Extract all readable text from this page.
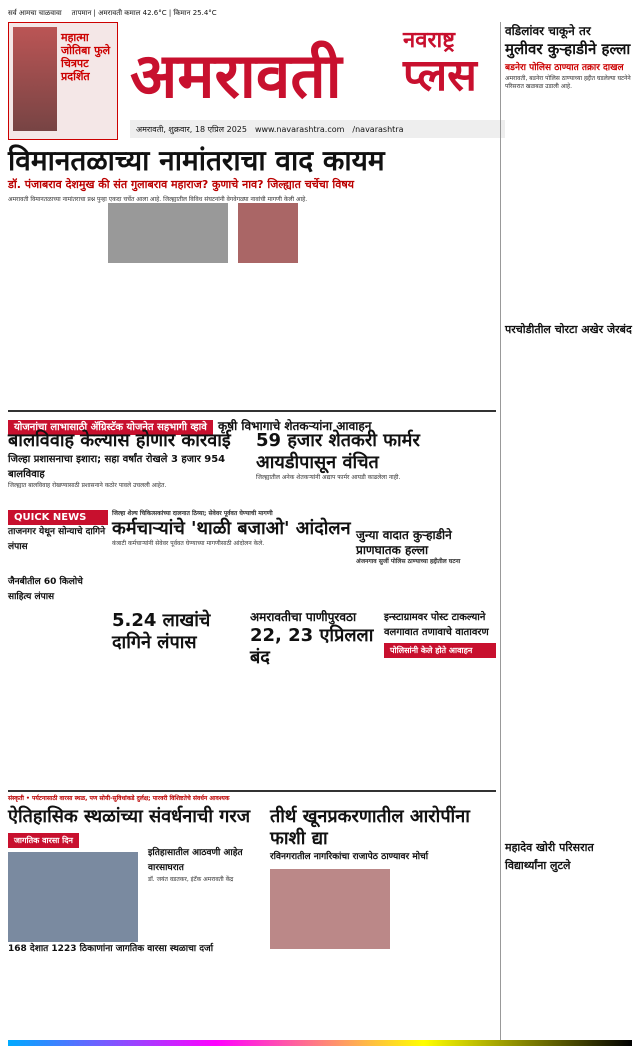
सर्व आमचा चाळवावा तापमान | अमरावती कमाल 42.6°C | किमान 25.4°C
महात्मा जोतिबा फुले चित्रपट प्रदर्शित अमरावती	नवराष्ट्र
प्लस
अमरावती, शुक्रवार, 18 एप्रिल 2025 www.navarashtra.com /navarashtra
विमानतळाच्या नामांतराचा वाद कायम
डॉ. पंजाबराव देशमुख की संत गुलाबराव महाराज? कुणाचे नाव? जिल्ह्यात चर्चेचा विषय
अमरावती विमानतळाच्या नामांतराचा प्रश्न पुन्हा एकदा चर्चेत आला आहे. जिल्ह्यातील विविध संघटनांनी वेगवेगळ्या नावांची मागणी केली आहे.
योजनांचा लाभासाठी ॲग्रिस्टॅक योजनेत सहभागी व्हावे कृषी विभागाचे शेतकऱ्यांना आवाहन
बालविवाह केल्यास होणार कारवाई
जिल्हा प्रशासनाचा इशारा; सहा वर्षांत रोखले 3 हजार 954 बालविवाह
जिल्ह्यात बालविवाह रोखण्यासाठी प्रशासनाने कठोर पावले उचलली आहेत.
59 हजार शेतकरी फार्मर आयडीपासून वंचित
जिल्ह्यातील अनेक शेतकऱ्यांनी अद्याप फार्मर आयडी काढलेला नाही.
QUICK NEWS
ताजनगर येथून सोन्याचे दागिने लंपास
जैनबीतील 60 किलोचे साहित्य लंपास
जिल्हा शेल्य चिकित्सकांच्या दालनात ठिय्या; सेवेवर पूर्ववत घेण्याची मागणी
कर्मचाऱ्यांचे 'थाळी बजाओ' आंदोलन
कंत्राटी कर्मचाऱ्यांनी सेवेवर पूर्ववत घेण्याच्या मागणीसाठी आंदोलन केले.
जुन्या वादात कुऱ्हाडीने प्राणघातक हल्ला
अंजनगाव सुर्जी पोलिस ठाण्याच्या हद्दीतील घटना
5.24 लाखांचे दागिने लंपास
अमरावतीचा पाणीपुरवठा
22, 23 एप्रिलला बंद
इन्स्टाग्रामवर पोस्ट टाकल्याने वलगावात तणावाचे वातावरण
पोलिसांनी केले होते आवाहन
संस्कृती • पर्यटनासाठी वारसा स्थळ, पण सोयी-सुविधांकडे दुर्लक्ष; पारवरी विशिष्टतेचे संवर्धन आवश्यक
ऐतिहासिक स्थळांच्या संवर्धनाची गरज
जागतिक वारसा दिन
168 देशात 1223 ठिकाणांना जागतिक वारसा स्थळाचा दर्जा
इतिहासातील आठवणी आहेत वारसाघरात
डॉ. जयंत वडतकर, इंटॅक अमरावती केंद्र
तीर्थ खूनप्रकरणातील आरोपींना फाशी द्या
रविनगरातील नागरिकांचा राजापेठ ठाण्यावर मोर्चा
वडिलांवर चाकूने तर
मुलीवर कुऱ्हाडीने हल्ला
बडनेरा पोलिस ठाण्यात तक्रार दाखल
अमरावती, बडनेरा पोलिस ठाण्याच्या हद्दीत घडलेल्या घटनेने परिसरात खळबळ उडाली आहे.
परचोडीतील चोरटा अखेर जेरबंद
महादेव खोरी परिसरात विद्यार्थ्यांना लुटले
